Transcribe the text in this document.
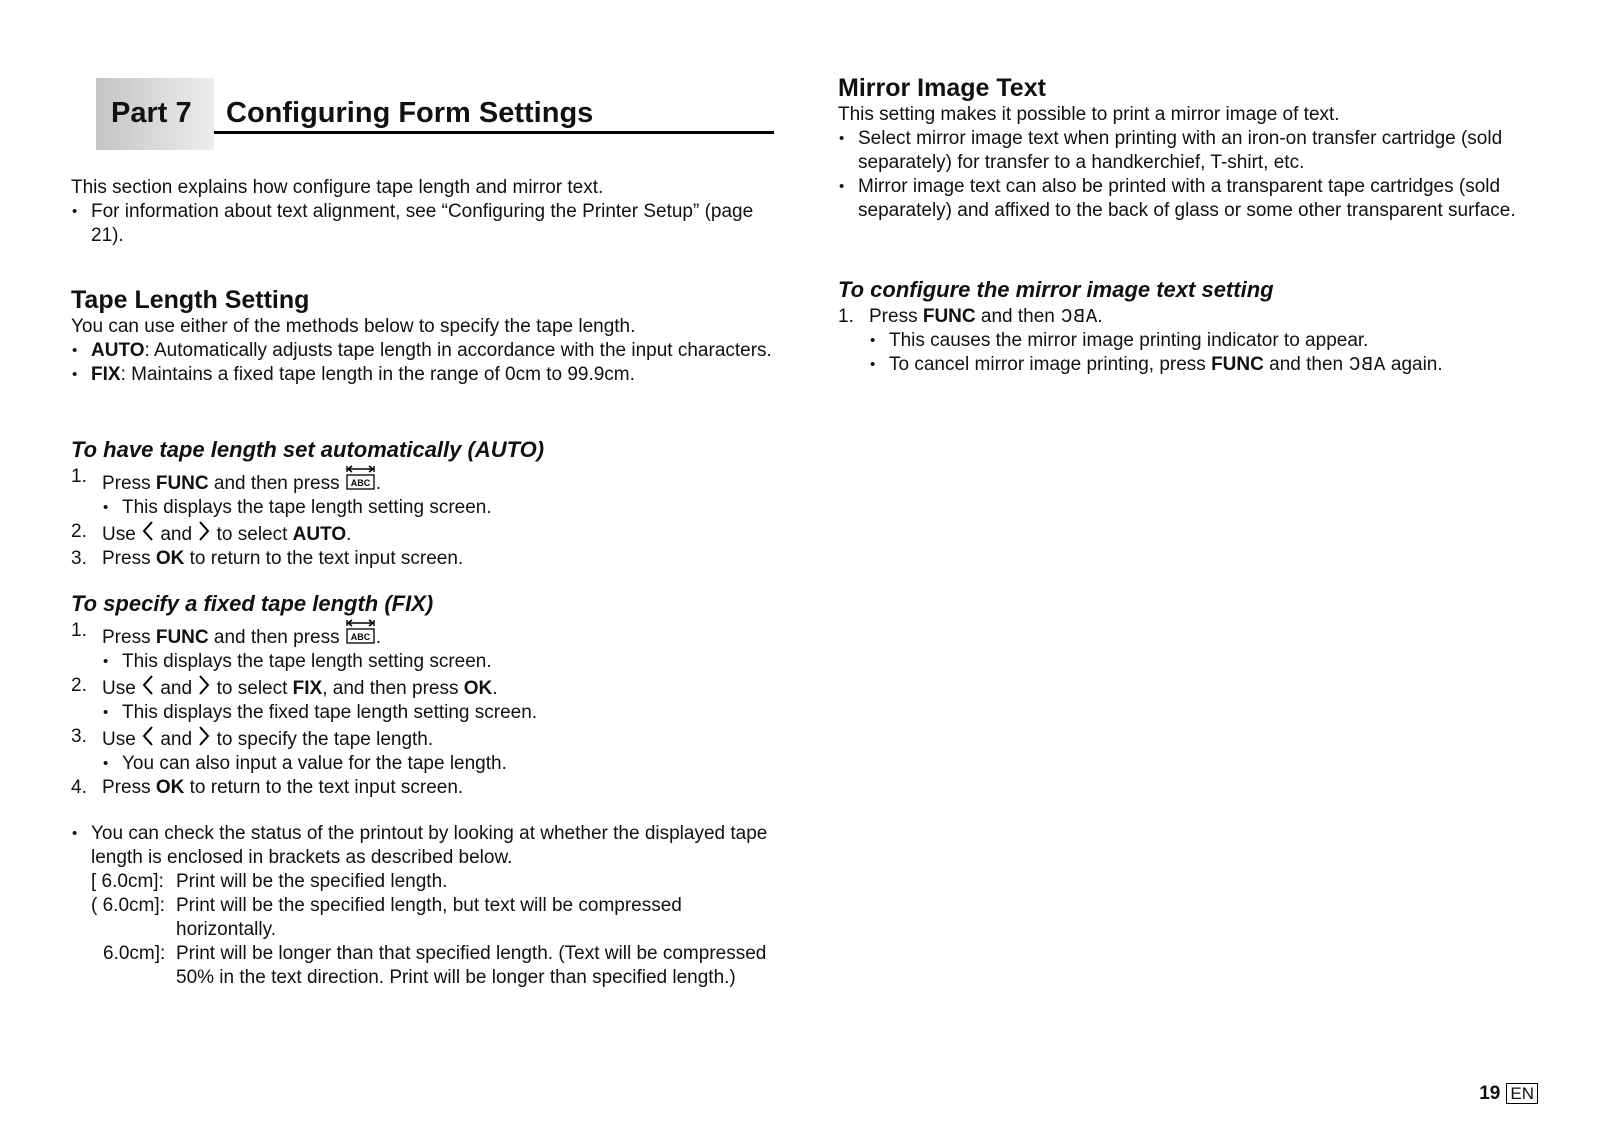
Part 7 Configuring Form Settings

This section explains how configure tape length and mirror text.

• For information about text alignment, see “Configuring the Printer Setup” (page 21).

Tape Length Setting

You can use either of the methods below to specify the tape length.

• AUTO: Automatically adjusts tape length in accordance with the input characters.

• FIX: Maintains a fixed tape length in the range of 0cm to 99.9cm.

To have tape length set automatically (AUTO)

1. Press FUNC and then press ABC .

• This displays the tape length setting screen.

2. Use  and  to select AUTO.

3. Press OK to return to the text input screen.

To specify a fixed tape length (FIX)

1. Press FUNC and then press ABC .

• This displays the tape length setting screen.

2. Use  and  to select FIX, and then press OK.

• This displays the fixed tape length setting screen.

3. Use  and  to specify the tape length.

• You can also input a value for the tape length.

4. Press OK to return to the text input screen.

• You can check the status of the printout by looking at whether the displayed tape length is enclosed in brackets as described below.

[ 6.0cm]: Print will be the specified length.
( 6.0cm]: Print will be the specified length, but text will be compressed horizontally.
6.0cm]: Print will be longer than that specified length. (Text will be compressed 50% in the text direction. Print will be longer than specified length.)

Mirror Image Text

This setting makes it possible to print a mirror image of text.

• Select mirror image text when printing with an iron-on transfer cartridge (sold separately) for transfer to a handkerchief, T-shirt, etc.

• Mirror image text can also be printed with a transparent tape cartridges (sold separately) and affixed to the back of glass or some other transparent surface.

To configure the mirror image text setting

1. Press FUNC and then ABC.

• This causes the mirror image printing indicator to appear.

• To cancel mirror image printing, press FUNC and then ABC again.

19 EN
